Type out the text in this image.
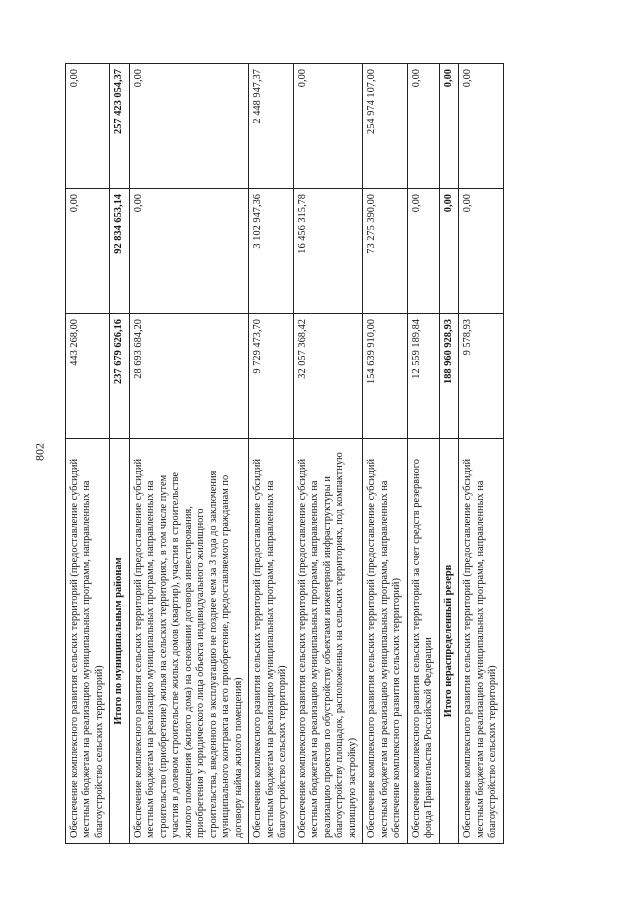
802
Обеспечение комплексного развития сельских территорий (предоставление субсидий местным бюджетам на реализацию муниципальных программ, направленных на благоустройство сельских территорий)	443 268,00	0,00	0,00
Итого по муниципальным районам	237 679 626,16	92 834 653,14	257 423 054,37
Обеспечение комплексного развития сельских территорий (предоставление субсидий местным бюджетам на реализацию муниципальных программ, направленных на строительство (приобретение) жилья на сельских территориях, в том числе путем участия в долевом строительстве жилых домов (квартир), участия в строительстве жилого помещения (жилого дома) на основании договора инвестирования, приобретения у юридического лица объекта индивидуального жилищного строительства, введенного в эксплуатацию не позднее чем за 3 года до заключения муниципального контракта на его приобретение, предоставляемого гражданам по договору найма жилого помещения)	28 693 684,20	0,00	0,00
Обеспечение комплексного развития сельских территорий (предоставление субсидий местным бюджетам на реализацию муниципальных программ, направленных на благоустройство сельских территорий)	9 729 473,70	3 102 947,36	2 448 947,37
Обеспечение комплексного развития сельских территорий (предоставление субсидий местным бюджетам на реализацию муниципальных программ, направленных на реализацию проектов по обустройству объектами инженерной инфраструктуры и благоустройству площадок, расположенных на сельских территориях, под компактную жилищную застройку)	32 057 368,42	16 456 315,78	0,00
Обеспечение комплексного развития сельских территорий (предоставление субсидий местным бюджетам на реализацию муниципальных программ, направленных на обеспечение комплексного развития сельских территорий)	154 639 910,00	73 275 390,00	254 974 107,00
Обеспечение комплексного развития сельских территорий за счет средств резервного фонда Правительства Российской Федерации	12 559 189,84	0,00	0,00
Итого нераспределенный резерв	188 960 928,93	0,00	0,00
Обеспечение комплексного развития сельских территорий (предоставление субсидий местным бюджетам на реализацию муниципальных программ, направленных на благоустройство сельских территорий)	9 578,93	0,00	0,00
